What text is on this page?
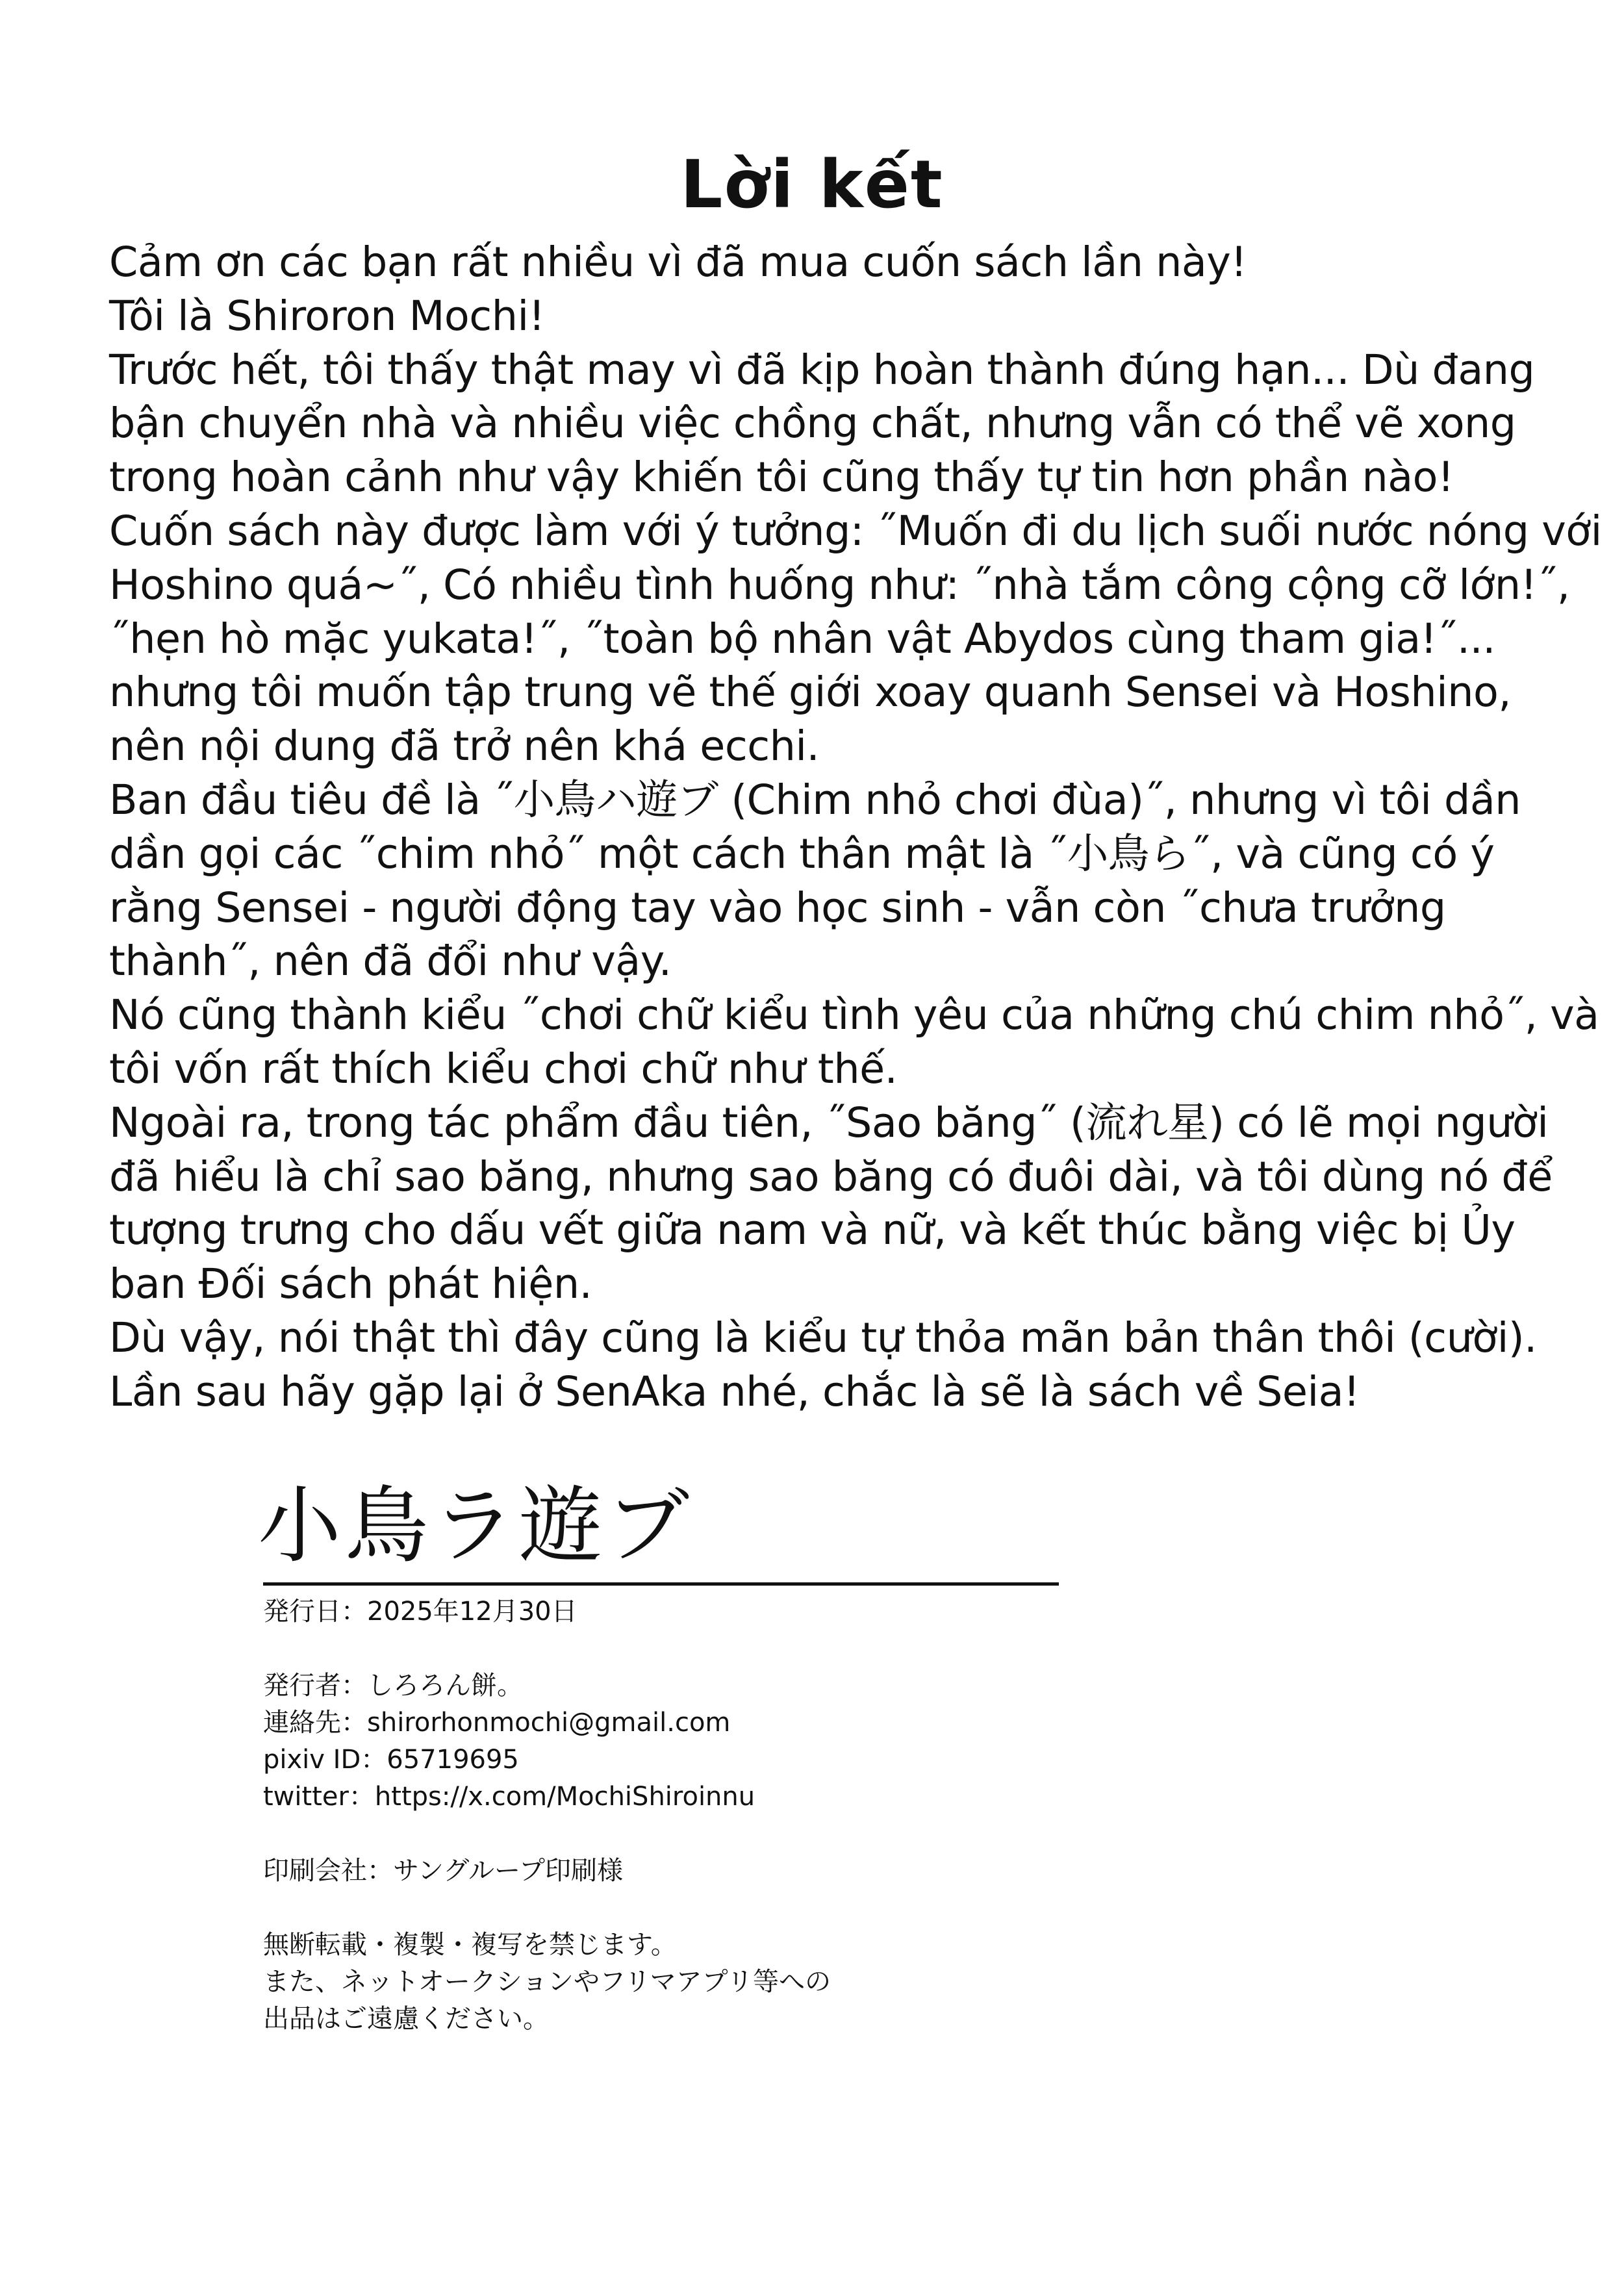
Lời kết
Cảm ơn các bạn rất nhiều vì đã mua cuốn sách lần này!
Tôi là Shiroron Mochi!
Trước hết, tôi thấy thật may vì đã kịp hoàn thành đúng hạn... Dù đang
bận chuyển nhà và nhiều việc chồng chất, nhưng vẫn có thể vẽ xong
trong hoàn cảnh như vậy khiến tôi cũng thấy tự tin hơn phần nào!
Cuốn sách này được làm với ý tưởng: ˝Muốn đi du lịch suối nước nóng với
Hoshino quá~˝, Có nhiều tình huống như: ˝nhà tắm công cộng cỡ lớn!˝,
˝hẹn hò mặc yukata!˝, ˝toàn bộ nhân vật Abydos cùng tham gia!˝...
nhưng tôi muốn tập trung vẽ thế giới xoay quanh Sensei và Hoshino,
nên nội dung đã trở nên khá ecchi.
Ban đầu tiêu đề là ˝小鳥ハ遊ブ (Chim nhỏ chơi đùa)˝, nhưng vì tôi dần
dần gọi các ˝chim nhỏ˝ một cách thân mật là ˝小鳥ら˝, và cũng có ý
rằng Sensei - người động tay vào học sinh - vẫn còn ˝chưa trưởng
thành˝, nên đã đổi như vậy.
Nó cũng thành kiểu ˝chơi chữ kiểu tình yêu của những chú chim nhỏ˝, và
tôi vốn rất thích kiểu chơi chữ như thế.
Ngoài ra, trong tác phẩm đầu tiên, ˝Sao băng˝ (流れ星) có lẽ mọi người
đã hiểu là chỉ sao băng, nhưng sao băng có đuôi dài, và tôi dùng nó để
tượng trưng cho dấu vết giữa nam và nữ, và kết thúc bằng việc bị Ủy
ban Đối sách phát hiện.
Dù vậy, nói thật thì đây cũng là kiểu tự thỏa mãn bản thân thôi (cười).
Lần sau hãy gặp lại ở SenAka nhé, chắc là sẽ là sách về Seia!
小鳥ラ遊ブ
発行日：2025年12月30日
発行者：しろろん餅。
連絡先：shirorhonmochi@gmail.com
pixiv ID：65719695
twitter：https://x.com/MochiShiroinnu
印刷会社：サングループ印刷様
無断転載・複製・複写を禁じます。
また、ネットオークションやフリマアプリ等への
出品はご遠慮ください。
